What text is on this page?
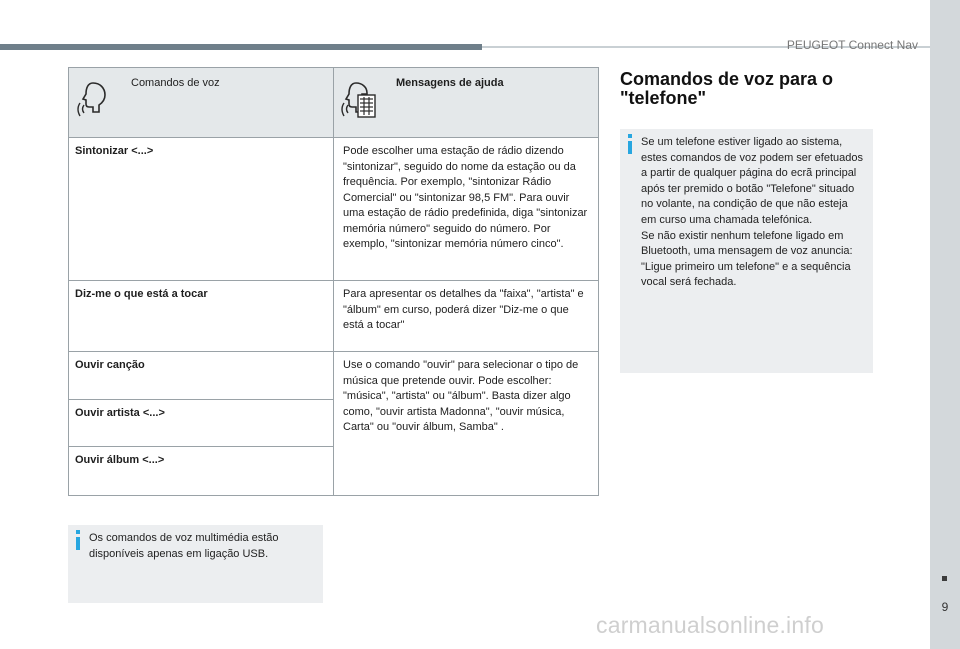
PEUGEOT Connect Nav
Comandos de voz	Mensagens de ajuda

Sintonizar <...>	Pode escolher uma estação de rádio dizendo "sintonizar", seguido do nome da estação ou da frequência. Por exemplo, "sintonizar Rádio Comercial" ou "sintonizar 98,5 FM". Para ouvir uma estação de rádio predefinida, diga "sintonizar memória número" seguido do número. Por exemplo, "sintonizar memória número cinco".

Diz-me o que está a tocar	Para apresentar os detalhes da "faixa", "artista" e "álbum" em curso, poderá dizer "Diz-me o que está a tocar"

Ouvir canção	Use o comando "ouvir" para selecionar o tipo de música que pretende ouvir. Pode escolher: "música", "artista" ou "álbum". Basta dizer algo como, "ouvir artista Madonna", "ouvir música, Carta" ou "ouvir álbum, Samba" .

Ouvir artista <...>	
Ouvir álbum <...>	
Os comandos de voz multimédia estão disponíveis apenas em ligação USB.
Comandos de voz para o "telefone"
Se um telefone estiver ligado ao sistema, estes comandos de voz podem ser efetuados a partir de qualquer página do ecrã principal após ter premido o botão "Telefone" situado no volante, na condição de que não esteja em curso uma chamada telefónica.
Se não existir nenhum telefone ligado em Bluetooth, uma mensagem de voz anuncia: "Ligue primeiro um telefone" e a sequência vocal será fechada.
9
carmanualsonline.info
